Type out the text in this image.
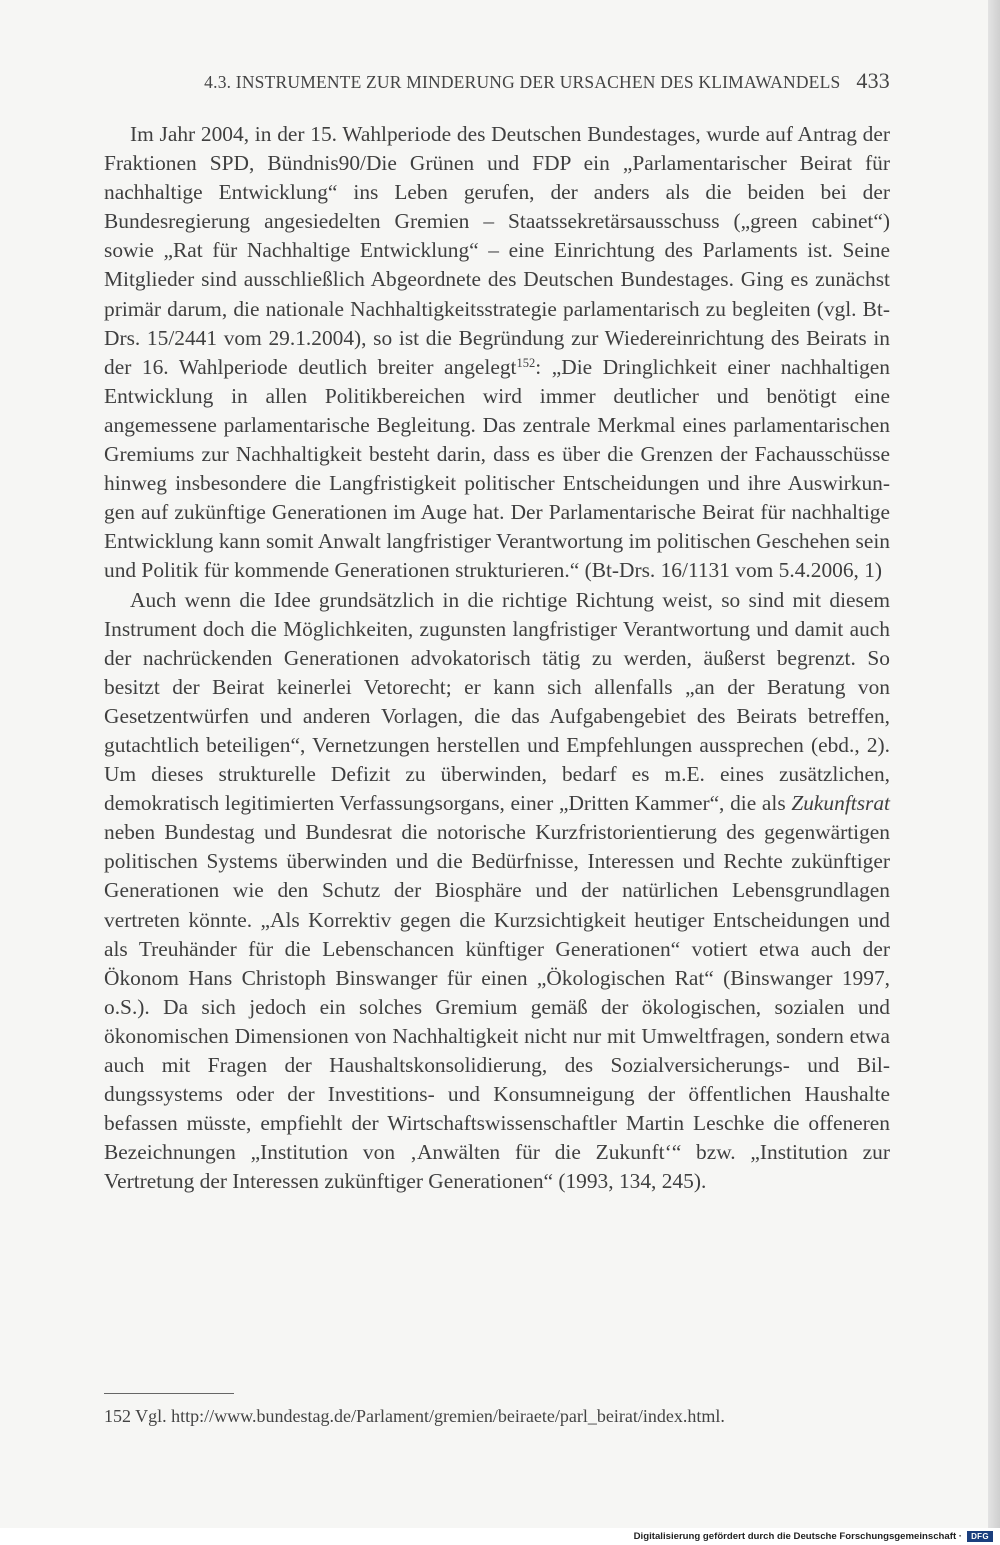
4.3. INSTRUMENTE ZUR MINDERUNG DER URSACHEN DES KLIMAWANDELS 433

Im Jahr 2004, in der 15. Wahlperiode des Deutschen Bundestages, wurde auf Antrag der Fraktionen SPD, Bündnis90/Die Grünen und FDP ein „Parlamentarischer Beirat für nachhaltige Entwicklung“ ins Leben gerufen, der anders als die beiden bei der Bundesregierung angesiedelten Gremien – Staatssekretärsausschuss („green cabinet“) sowie „Rat für Nachhaltige Entwicklung“ – eine Einrichtung des Parlaments ist. Seine Mitglieder sind ausschließlich Abgeordnete des Deutschen Bundestages. Ging es zunächst primär darum, die nationale Nachhaltigkeitsstrategie parlamentarisch zu begleiten (vgl. Bt-Drs. 15/2441 vom 29.1.2004), so ist die Begründung zur Wiedereinrichtung des Beirats in der 16. Wahlperiode deutlich breiter angelegt$^{152}$: „Die Dringlichkeit einer nachhaltigen Entwicklung in allen Politikbereichen wird immer deutlicher und benötigt eine angemessene parlamentarische Begleitung. Das zentrale Merkmal eines parlamentarischen Gremiums zur Nachhaltigkeit besteht darin, dass es über die Grenzen der Fachausschüsse hinweg insbesondere die Langfristigkeit politischer Entscheidungen und ihre Auswirkungen auf zukünftige Generationen im Auge hat. Der Parlamentarische Beirat für nachhaltige Entwicklung kann somit Anwalt langfristiger Verantwortung im politischen Geschehen sein und Politik für kommende Generationen strukturieren.“ (Bt-Drs. 16/1131 vom 5.4.2006, 1)

Auch wenn die Idee grundsätzlich in die richtige Richtung weist, so sind mit diesem Instrument doch die Möglichkeiten, zugunsten langfristiger Verantwortung und damit auch der nachrückenden Generationen advokatorisch tätig zu werden, äußerst begrenzt. So besitzt der Beirat keinerlei Vetorecht; er kann sich allenfalls „an der Beratung von Gesetzentwürfen und anderen Vorlagen, die das Aufgabengebiet des Beirats betreffen, gutachtlich beteiligen“, Vernetzungen herstellen und Empfehlungen aussprechen (ebd., 2). Um dieses strukturelle Defizit zu überwinden, bedarf es m.E. eines zusätzlichen, demokratisch legitimierten Verfassungsorgans, einer „Dritten Kammer“, die als Zukunftsrat neben Bundestag und Bundesrat die notorische Kurzfristorientierung des gegenwärtigen politischen Systems überwinden und die Bedürfnisse, Interessen und Rechte zukünftiger Generationen wie den Schutz der Biosphäre und der natürlichen Lebensgrundlagen vertreten könnte. „Als Korrektiv gegen die Kurzsichtigkeit heutiger Entscheidungen und als Treuhänder für die Lebenschancen künftiger Generationen“ votiert etwa auch der Ökonom Hans Christoph Binswanger für einen „Ökologischen Rat“ (Binswanger 1997, o.S.). Da sich jedoch ein solches Gremium gemäß der ökologischen, sozialen und ökonomischen Dimensionen von Nachhaltigkeit nicht nur mit Umweltfragen, sondern etwa auch mit Fragen der Haushaltskonsolidierung, des Sozialversicherungs- und Bildungssystems oder der Investitions- und Konsumneigung der öffentlichen Haushalte befassen müsste, empfiehlt der Wirtschaftswissenschaftler Martin Leschke die offeneren Bezeichnungen „Institution von ‚Anwälten für die Zukunft‘“ bzw. „Institution zur Vertretung der Interessen zukünftiger Generationen“ (1993, 134, 245).

152 Vgl. http://www.bundestag.de/Parlament/gremien/beiraete/parl_beirat/index.html.
Digitalisierung gefördert durch die Deutsche Forschungsgemeinschaft ·	DFG
